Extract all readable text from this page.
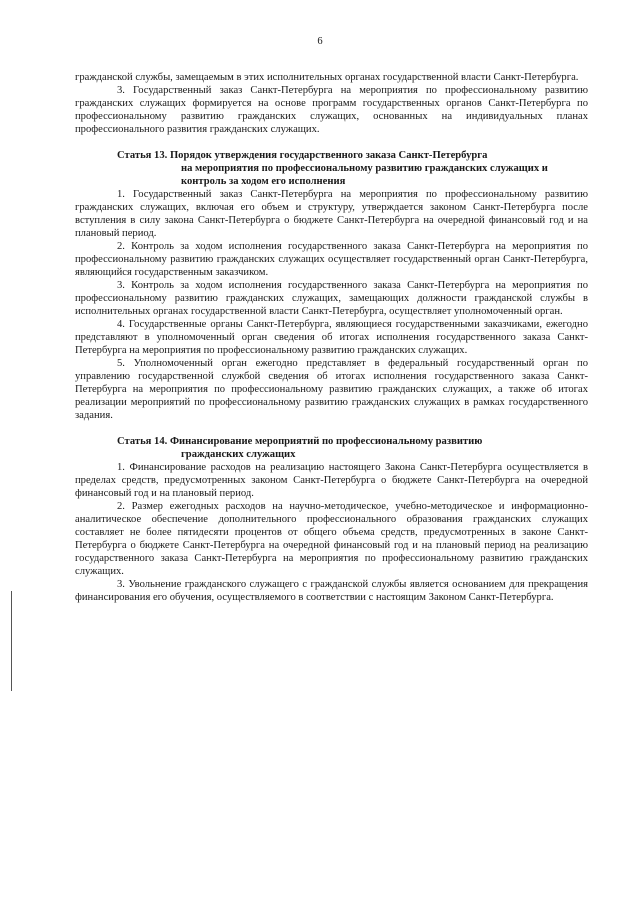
6

гражданской службы, замещаемым в этих исполнительных органах государственной власти Санкт-Петербурга.

3. Государственный заказ Санкт-Петербурга на мероприятия по профессиональному развитию гражданских служащих формируется на основе программ государственных органов Санкт-Петербурга по профессиональному развитию гражданских служащих, основанных на индивидуальных планах профессионального развития гражданских служащих.

Статья 13. Порядок утверждения государственного заказа Санкт-Петербурга
на мероприятия по профессиональному развитию гражданских служащих и контроль за ходом его исполнения

1. Государственный заказ Санкт-Петербурга на мероприятия по профессиональному развитию гражданских служащих, включая его объем и структуру, утверждается законом Санкт-Петербурга после вступления в силу закона Санкт-Петербурга о бюджете Санкт-Петербурга на очередной финансовый год и на плановый период.

2. Контроль за ходом исполнения государственного заказа Санкт-Петербурга на мероприятия по профессиональному развитию гражданских служащих осуществляет государственный орган Санкт-Петербурга, являющийся государственным заказчиком.

3. Контроль за ходом исполнения государственного заказа Санкт-Петербурга на мероприятия по профессиональному развитию гражданских служащих, замещающих должности гражданской службы в исполнительных органах государственной власти Санкт-Петербурга, осуществляет уполномоченный орган.

4. Государственные органы Санкт-Петербурга, являющиеся государственными заказчиками, ежегодно представляют в уполномоченный орган сведения об итогах исполнения государственного заказа Санкт-Петербурга на мероприятия по профессиональному развитию гражданских служащих.

5. Уполномоченный орган ежегодно представляет в федеральный государственный орган по управлению государственной службой сведения об итогах исполнения государственного заказа Санкт-Петербурга на мероприятия по профессиональному развитию гражданских служащих, а также об итогах реализации мероприятий по профессиональному развитию гражданских служащих в рамках государственного задания.

Статья 14. Финансирование мероприятий по профессиональному развитию
гражданских служащих

1. Финансирование расходов на реализацию настоящего Закона Санкт-Петербурга осуществляется в пределах средств, предусмотренных законом Санкт-Петербурга о бюджете Санкт-Петербурга на очередной финансовый год и на плановый период.

2. Размер ежегодных расходов на научно-методическое, учебно-методическое и информационно-аналитическое обеспечение дополнительного профессионального образования гражданских служащих составляет не более пятидесяти процентов от общего объема средств, предусмотренных в законе Санкт-Петербурга о бюджете Санкт-Петербурга на очередной финансовый год и на плановый период на реализацию государственного заказа Санкт-Петербурга на мероприятия по профессиональному развитию гражданских служащих.

3. Увольнение гражданского служащего с гражданской службы является основанием для прекращения финансирования его обучения, осуществляемого в соответствии с настоящим Законом Санкт-Петербурга.
